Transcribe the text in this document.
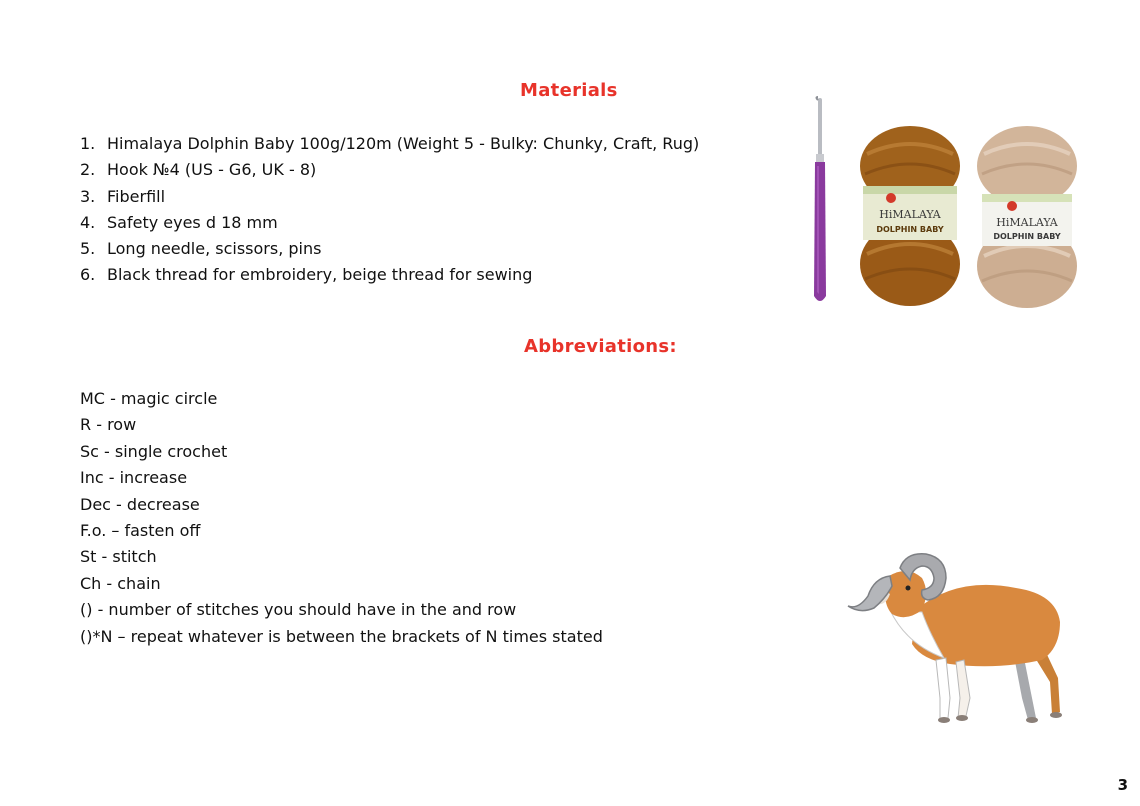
Materials
1. Himalaya Dolphin Baby 100g/120m (Weight 5 - Bulky: Chunky, Craft, Rug)
2. Hook №4 (US - G6, UK - 8)
3. Fiberfill
4. Safety eyes d 18 mm
5. Long needle, scissors, pins
6. Black thread for embroidery, beige thread for sewing
HiMALAYA
DOLPHIN BABY
HiMALAYA
DOLPHIN BABY
Abbreviations:
MC - magic circle
R - row
Sc - single crochet
Inc - increase
Dec - decrease
F.o. – fasten off
St - stitch
Ch - chain
() - number of stitches you should have in the and row
()*N – repeat whatever is between the brackets of N times stated
3
